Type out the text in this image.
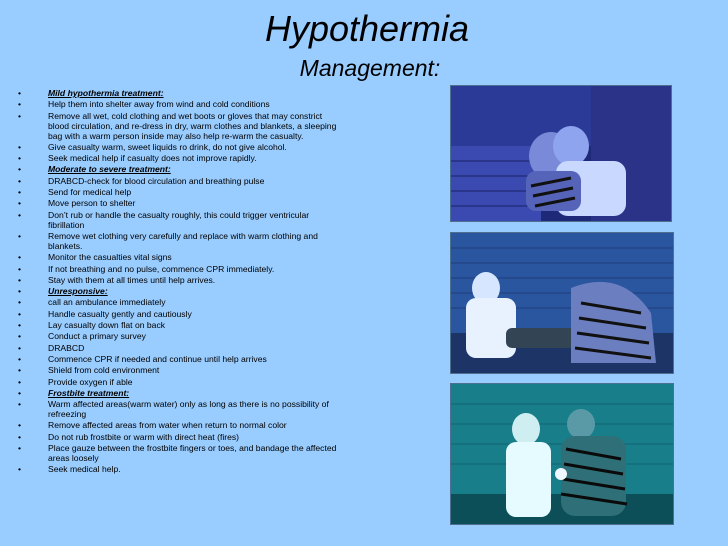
Hypothermia
Management:
•	Mild hypothermia treatment:
•	Help them into shelter away from wind and cold conditions
•	Remove all wet, cold clothing and wet boots or gloves that may constrict blood circulation, and re-dress in dry, warm clothes and blankets, a sleeping bag with a warm person inside may also help re-warm the casualty.
•	Give casualty warm, sweet liquids ro drink, do not give alcohol.
•	Seek medical help if casualty does not improve rapidly.
•	Moderate to severe treatment:
•	DRABCD-check for blood circulation and breathing pulse
•	Send for medical help
•	Move person to shelter
•	Don’t rub or handle the casualty roughly, this could trigger ventricular fibrillation
•	Remove wet clothing very carefully and replace with warm clothing and blankets.
•	Monitor the casualties vital signs
•	If not breathing and no pulse, commence CPR immediately.
•	Stay with them at all times until help arrives.
•	Unresponsive:
•	call an ambulance immediately
•	Handle casualty gently and cautiously
•	Lay casualty down flat on back
•	Conduct a primary survey
•	DRABCD
•	Commence CPR if needed and continue until help arrives
•	Shield from cold environment
•	Provide oxygen if able
•	Frostbite treatment:
•	Warm affected areas(warm water) only as long as there is no possibility of refreezing
•	Remove affected areas from water when return to normal color
•	Do not rub frostbite or warm with direct heat (fires)
•	Place gauze between the frostbite fingers or toes, and bandage the affected areas loosely
•	Seek medical help.
